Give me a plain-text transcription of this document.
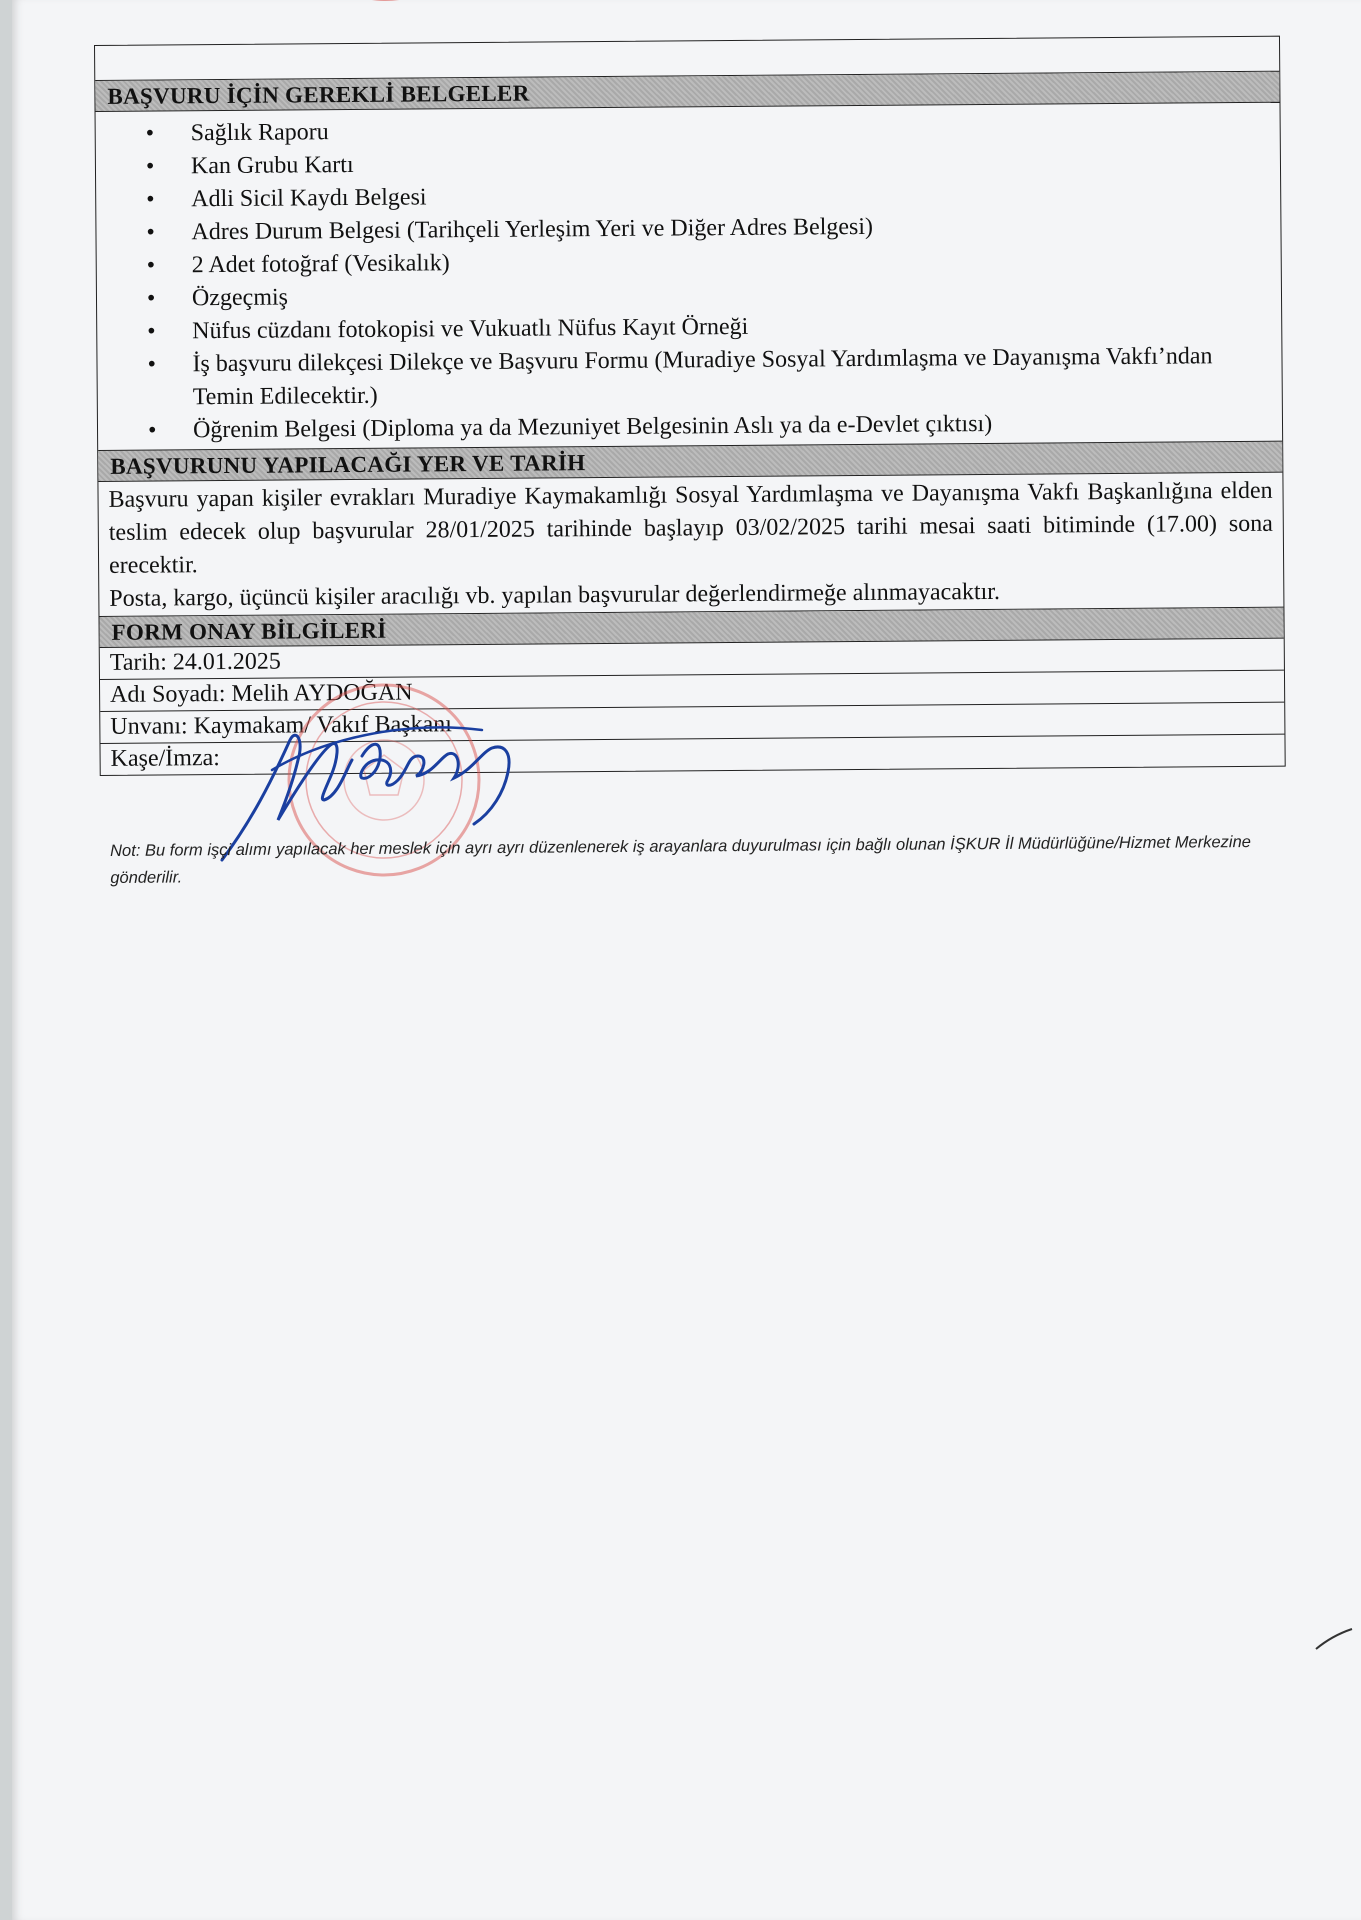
BAŞVURU İÇİN GEREKLİ BELGELER
• Sağlık Raporu
• Kan Grubu Kartı
• Adli Sicil Kaydı Belgesi
• Adres Durum Belgesi (Tarihçeli Yerleşim Yeri ve Diğer Adres Belgesi)
• 2 Adet fotoğraf (Vesikalık)
• Özgeçmiş
• Nüfus cüzdanı fotokopisi ve Vukuatlı Nüfus Kayıt Örneği
• İş başvuru dilekçesi Dilekçe ve Başvuru Formu (Muradiye Sosyal Yardımlaşma ve Dayanışma Vakfı’ndan Temin Edilecektir.)
• Öğrenim Belgesi (Diploma ya da Mezuniyet Belgesinin Aslı ya da e-Devlet çıktısı)
BAŞVURUNU YAPILACAĞI YER VE TARİH

Başvuru yapan kişiler evrakları Muradiye Kaymakamlığı Sosyal Yardımlaşma ve Dayanışma Vakfı Başkanlığına elden teslim edecek olup başvurular 28/01/2025 tarihinde başlayıp 03/02/2025 tarihi mesai saati bitiminde (17.00) sona erecektir.

Posta, kargo, üçüncü kişiler aracılığı vb. yapılan başvurular değerlendirmeğe alınmayacaktır.

FORM ONAY BİLGİLERİ
Tarih: 24.01.2025
Adı Soyadı: Melih AYDOĞAN
Unvanı: Kaymakam/ Vakıf Başkanı
Kaşe/İmza:
Not: Bu form işçi alımı yapılacak her meslek için ayrı ayrı düzenlenerek iş arayanlara duyurulması için bağlı olunan İŞKUR İl Müdürlüğüne/Hizmet Merkezine gönderilir.
